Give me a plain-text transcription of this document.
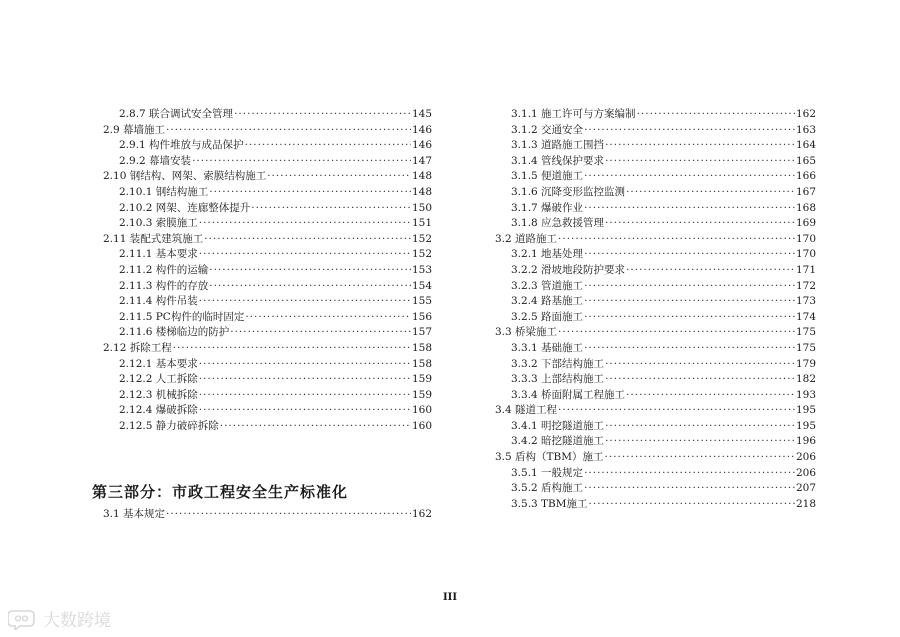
2.8.7 联合调试安全管理 ·····	145
2.9 幕墙施工 ·····	146
2.9.1 构件堆放与成品保护 ·····	146
2.9.2 幕墙安装 ·····	147
2.10 钢结构、网架、索膜结构施工 ·····	148
2.10.1 钢结构施工 ·····	148
2.10.2 网架、连廊整体提升 ·····	150
2.10.3 索膜施工 ·····	151
2.11 装配式建筑施工 ·····	152
2.11.1 基本要求 ·····	152
2.11.2 构件的运输 ·····	153
2.11.3 构件的存放 ·····	154
2.11.4 构件吊装 ·····	155
2.11.5 PC构件的临时固定 ·····	156
2.11.6 楼梯临边的防护 ·····	157
2.12 拆除工程 ·····	158
2.12.1 基本要求 ·····	158
2.12.2 人工拆除 ·····	159
2.12.3 机械拆除 ·····	159
2.12.4 爆破拆除 ·····	160
2.12.5 静力破碎拆除 ·····	160
第三部分：市政工程安全生产标准化
3.1 基本规定 ·····	162
3.1.1 施工许可与方案编制 ·····	162
3.1.2 交通安全 ·····	163
3.1.3 道路施工围挡 ·····	164
3.1.4 管线保护要求 ·····	165
3.1.5 便道施工 ·····	166
3.1.6 沉降变形监控监测 ·····	167
3.1.7 爆破作业 ·····	168
3.1.8 应急救援管理 ·····	169
3.2 道路施工 ·····	170
3.2.1 地基处理 ·····	170
3.2.2 滑坡地段防护要求 ·····	171
3.2.3 管道施工 ·····	172
3.2.4 路基施工 ·····	173
3.2.5 路面施工 ·····	174
3.3 桥梁施工 ·····	175
3.3.1 基础施工 ·····	175
3.3.2 下部结构施工 ·····	179
3.3.3 上部结构施工 ·····	182
3.3.4 桥面附属工程施工 ·····	193
3.4 隧道工程 ·····	195
3.4.1 明挖隧道施工 ·····	195
3.4.2 暗挖隧道施工 ·····	196
3.5 盾构（TBM）施工 ·····	206
3.5.1 一般规定 ·····	206
3.5.2 盾构施工 ·····	207
3.5.3 TBM施工 ·····	218
III
大数跨境
